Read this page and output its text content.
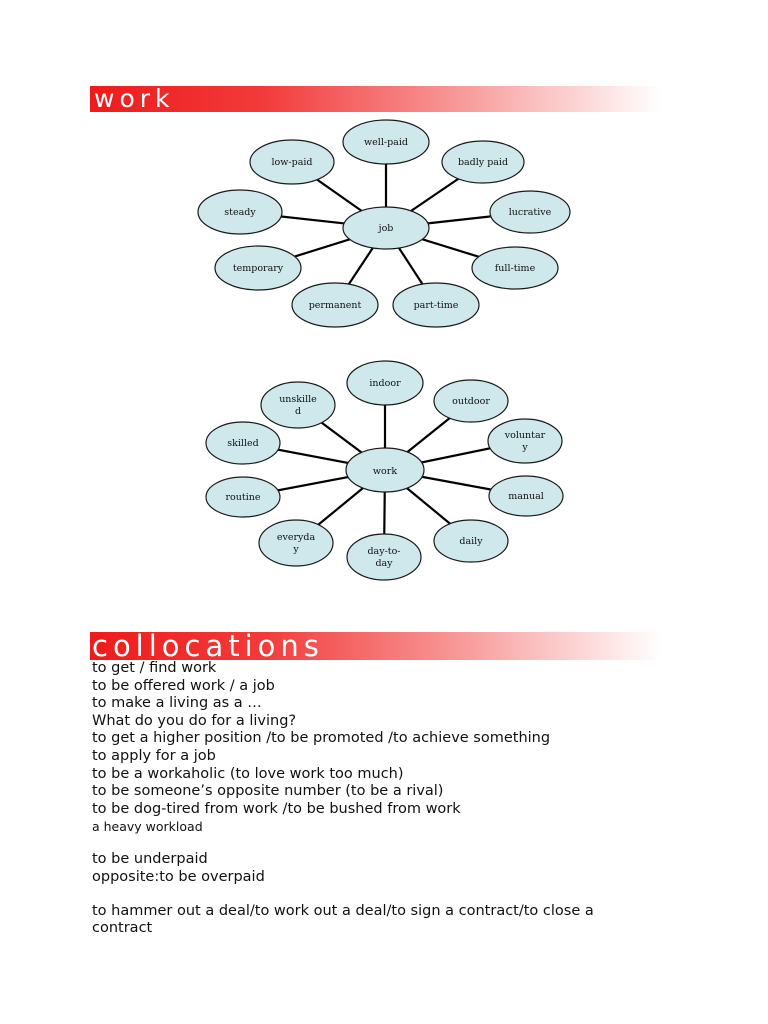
work
well-paid
badly paid
lucrative
full-time
part-time
permanent
temporary
steady
low-paid
job
indoor
outdoor
voluntar y
manual
daily
day-to-day
everyda y
routine
skilled
unskille d
work
collocations
to get / find work
to be offered work / a job
to make a living as a …
What do you do for a living?
to get a higher position /to be promoted /to achieve something
to apply for a job
to be a workaholic (to love work too much)
to be someone’s opposite number (to be a rival)
to be dog-tired from work /to be bushed from work
a heavy workload
to be underpaid
opposite:to be overpaid
to hammer out a deal/to work out a deal/to sign a contract/to close a contract
